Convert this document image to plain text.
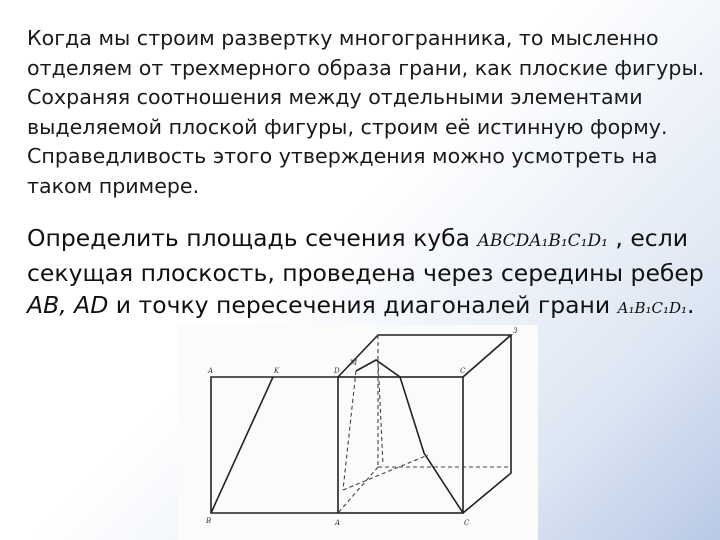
Когда мы строим развертку многогранника, то мысленно
отделяем от трехмерного образа грани, как плоские фигуры.
Сохраняя соотношения между отдельными элементами
выделяемой плоской фигуры, строим её истинную форму.
Справедливость этого утверждения можно усмотреть на
таком примере.
Определить площадь сечения куба ABCDA₁B₁C₁D₁ , если
секущая плоскость, проведена через середины ребер
AB, AD и точку пересечения диагоналей грани A₁B₁C₁D₁.
B
A	D
K
M
3
C
A	C
